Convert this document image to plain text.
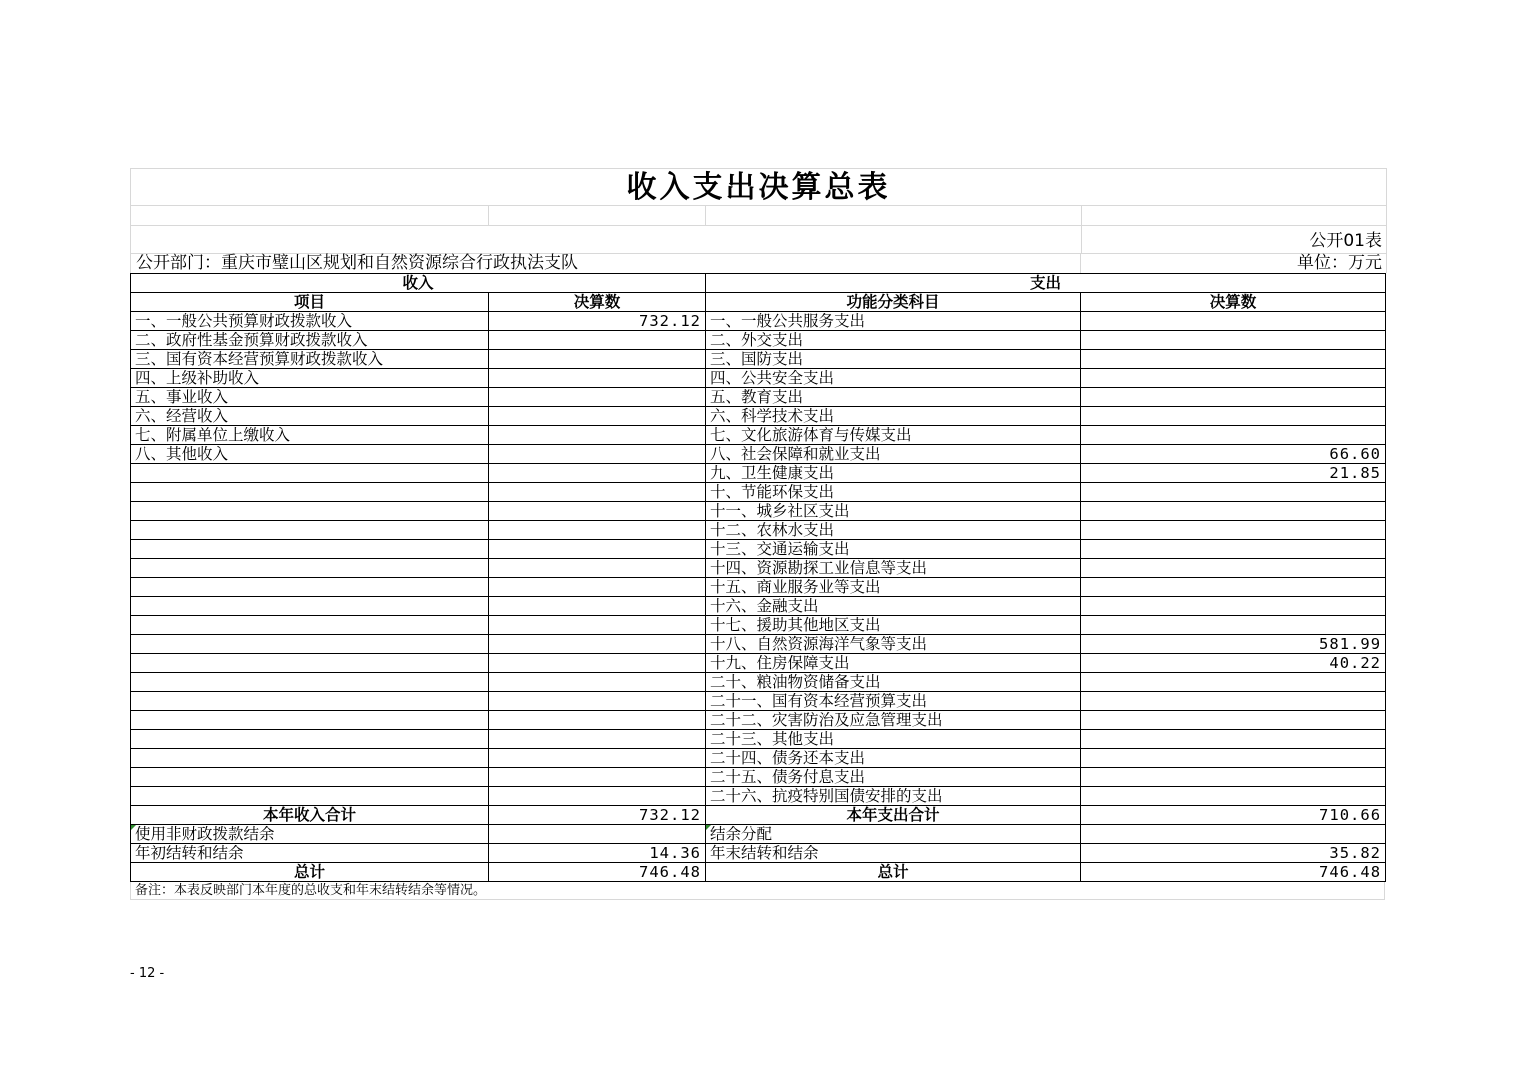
收入支出决算总表
公开01表
公开部门：重庆市璧山区规划和自然资源综合行政执法支队	单位：万元
收入		支出	
项目	决算数	功能分类科目	决算数
一、一般公共预算财政拨款收入	732.12	一、一般公共服务支出	
二、政府性基金预算财政拨款收入		二、外交支出	
三、国有资本经营预算财政拨款收入		三、国防支出	
四、上级补助收入		四、公共安全支出	
五、事业收入		五、教育支出	
六、经营收入		六、科学技术支出	
七、附属单位上缴收入		七、文化旅游体育与传媒支出	
八、其他收入		八、社会保障和就业支出	66.60
		九、卫生健康支出	21.85
		十、节能环保支出	
		十一、城乡社区支出	
		十二、农林水支出	
		十三、交通运输支出	
		十四、资源勘探工业信息等支出	
		十五、商业服务业等支出	
		十六、金融支出	
		十七、援助其他地区支出	
		十八、自然资源海洋气象等支出	581.99
		十九、住房保障支出	40.22
		二十、粮油物资储备支出	
		二十一、国有资本经营预算支出	
		二十二、灾害防治及应急管理支出	
		二十三、其他支出	
		二十四、债务还本支出	
		二十五、债务付息支出	
		二十六、抗疫特别国债安排的支出	
本年收入合计	732.12	本年支出合计	710.66
使用非财政拨款结余		结余分配	
年初结转和结余	14.36	年末结转和结余	35.82
总计	746.48	总计	746.48
备注：本表反映部门本年度的总收支和年末结转结余等情况。
- 12 -
